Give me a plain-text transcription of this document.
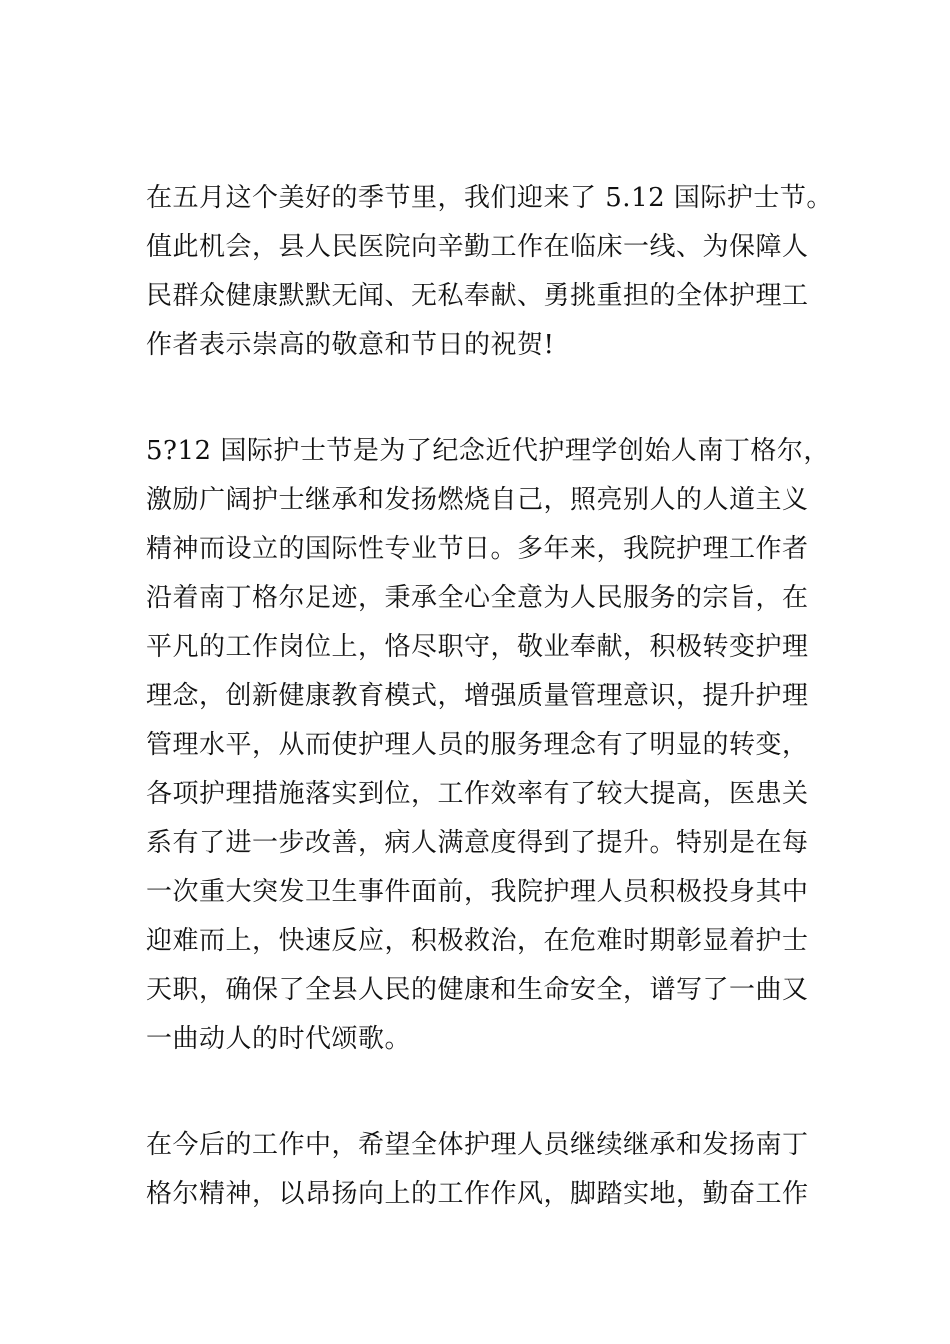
在五月这个美好的季节里，我们迎来了 5.12 国际护士节。
值此机会，县人民医院向辛勤工作在临床一线、为保障人
民群众健康默默无闻、无私奉献、勇挑重担的全体护理工
作者表示崇高的敬意和节日的祝贺!
5?12 国际护士节是为了纪念近代护理学创始人南丁格尔，
激励广阔护士继承和发扬燃烧自己，照亮别人的人道主义
精神而设立的国际性专业节日。多年来，我院护理工作者
沿着南丁格尔足迹，秉承全心全意为人民服务的宗旨，在
平凡的工作岗位上，恪尽职守，敬业奉献，积极转变护理
理念，创新健康教育模式，增强质量管理意识，提升护理
管理水平，从而使护理人员的服务理念有了明显的转变，
各项护理措施落实到位，工作效率有了较大提高，医患关
系有了进一步改善，病人满意度得到了提升。特别是在每
一次重大突发卫生事件面前，我院护理人员积极投身其中
迎难而上，快速反应，积极救治，在危难时期彰显着护士
天职，确保了全县人民的健康和生命安全，谱写了一曲又
一曲动人的时代颂歌。
在今后的工作中，希望全体护理人员继续继承和发扬南丁
格尔精神，以昂扬向上的工作作风，脚踏实地，勤奋工作
